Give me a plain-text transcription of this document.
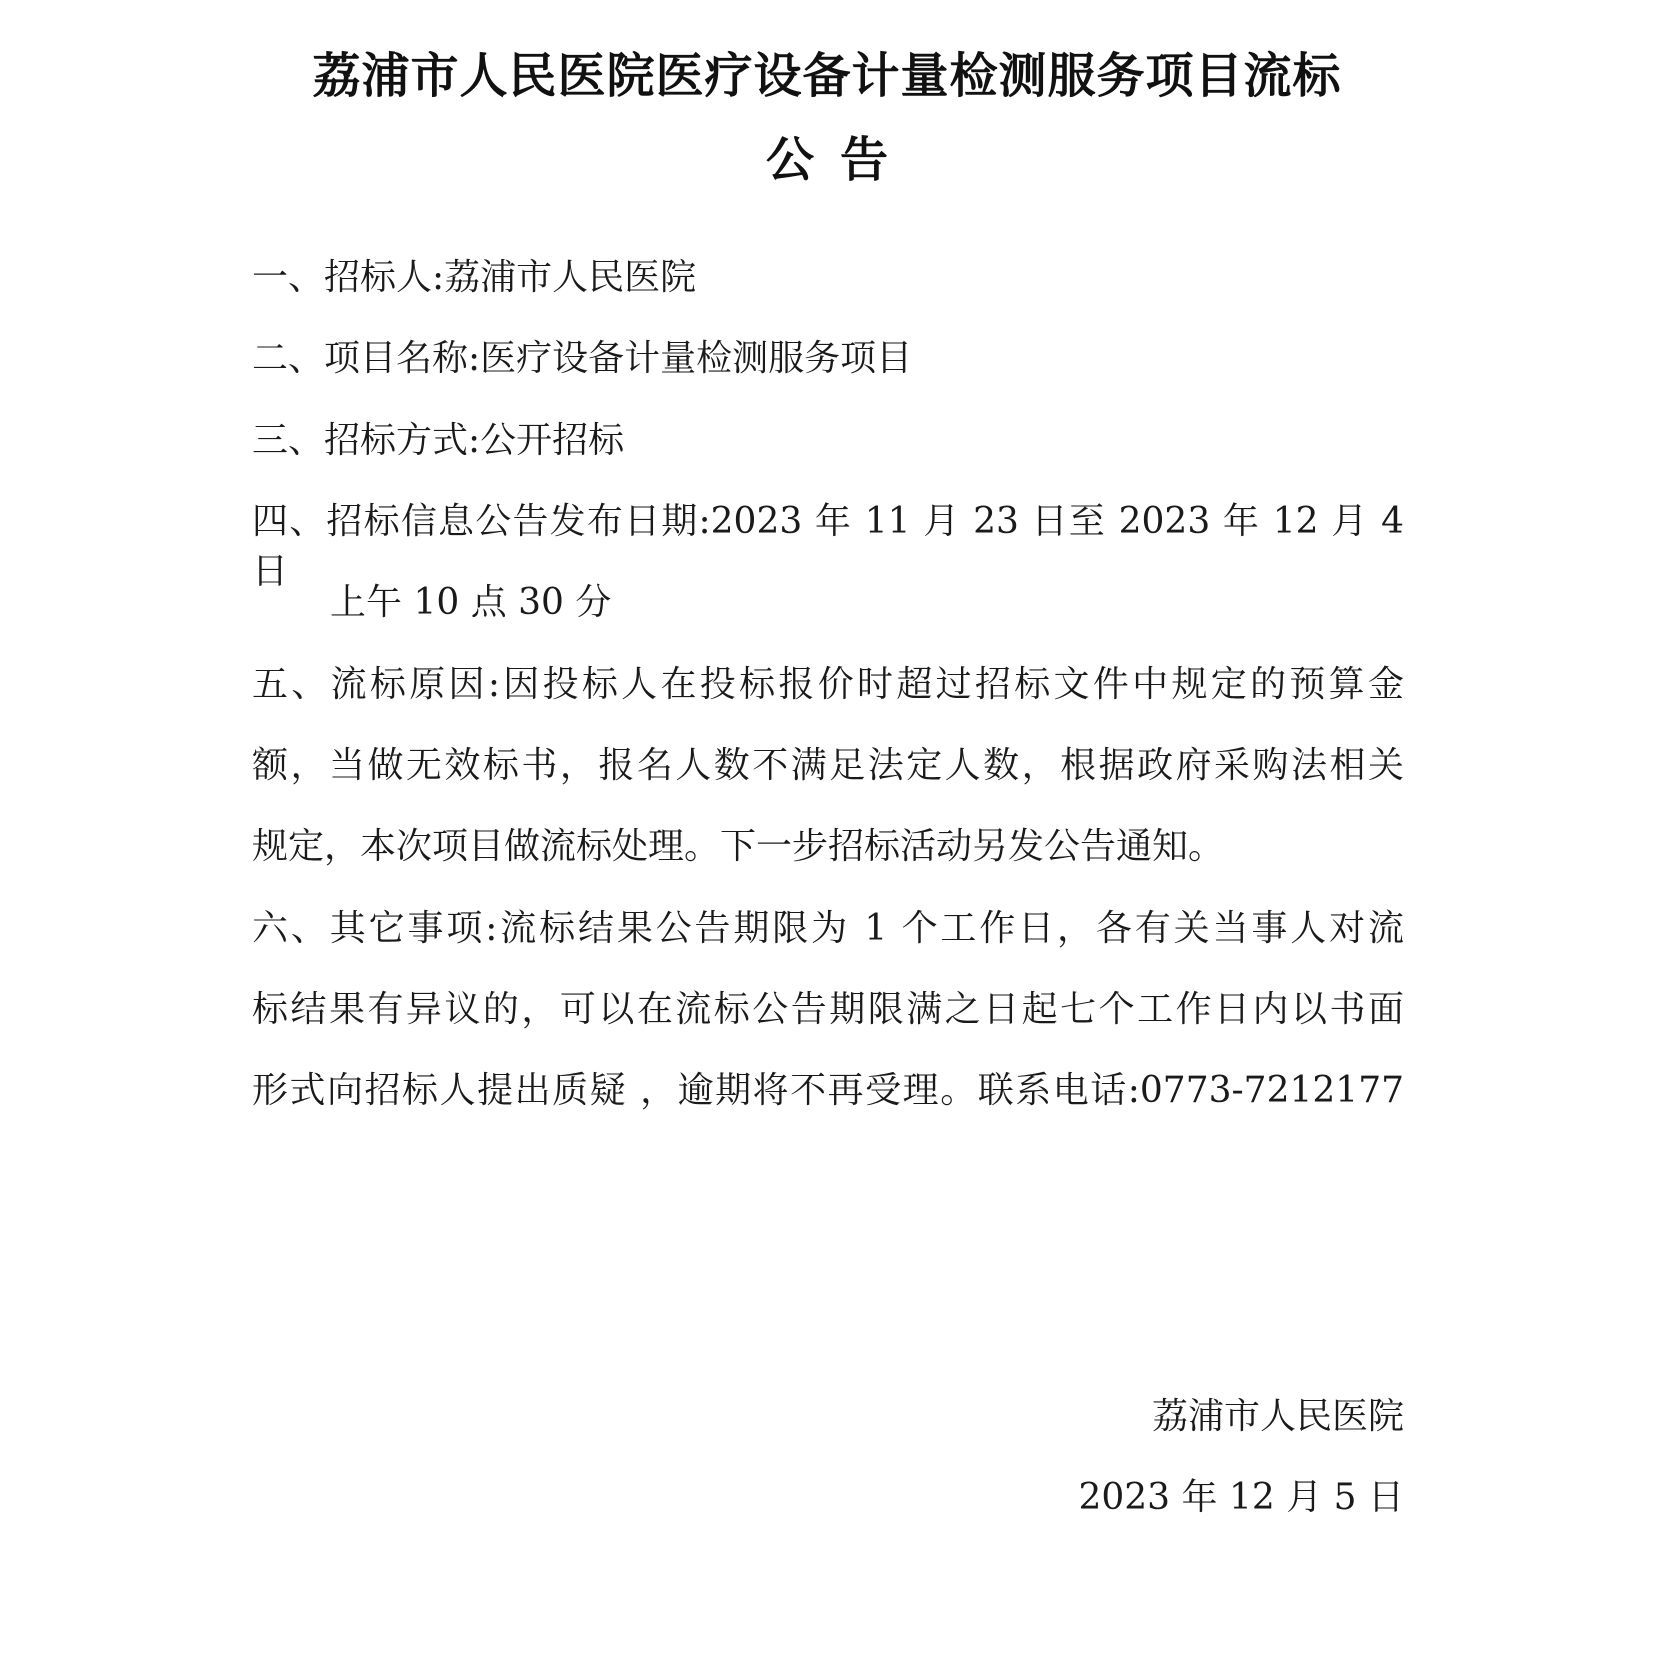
荔浦市人民医院医疗设备计量检测服务项目流标
公告
一、招标人:荔浦市人民医院
二、项目名称:医疗设备计量检测服务项目
三、招标方式:公开招标
四、招标信息公告发布日期:2023 年 11 月 23 日至 2023 年 12 月 4 日
上午 10 点 30 分
五、流标原因:因投标人在投标报价时超过招标文件中规定的预算金
额，当做无效标书，报名人数不满足法定人数，根据政府采购法相关
规定，本次项目做流标处理。下一步招标活动另发公告通知。
六、其它事项:流标结果公告期限为 1 个工作日，各有关当事人对流
标结果有异议的，可以在流标公告期限满之日起七个工作日内以书面
形式向招标人提出质疑 ，逾期将不再受理。联系电话:0773-7212177
荔浦市人民医院
2023 年 12 月 5 日
